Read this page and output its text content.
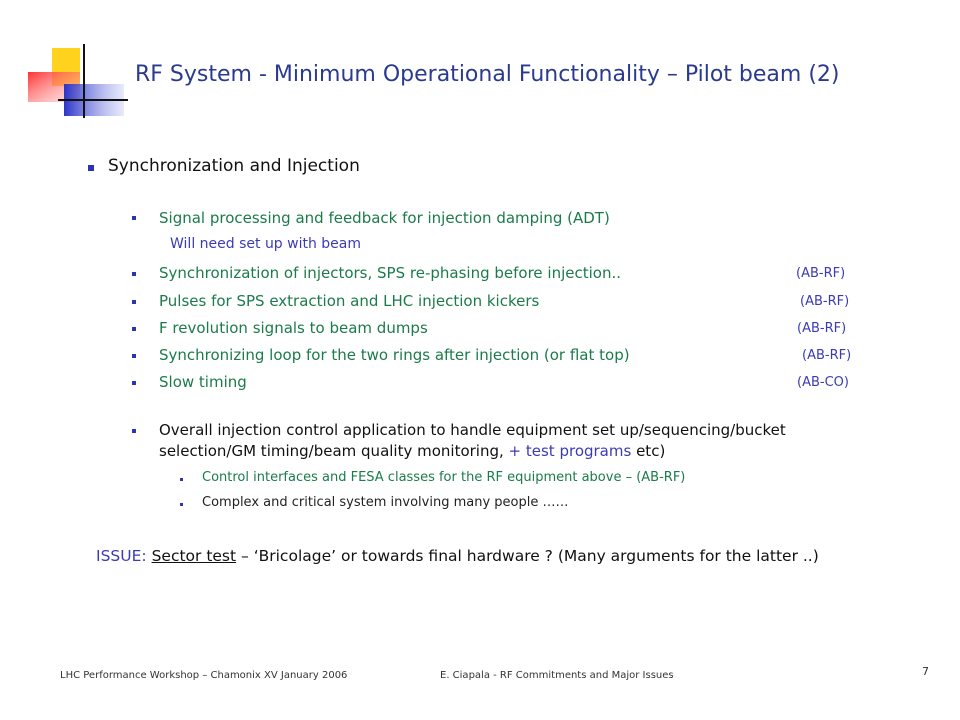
RF System - Minimum Operational Functionality – Pilot beam (2)
Synchronization and Injection
Signal processing and feedback for injection damping (ADT)
Will need set up with beam
Synchronization of injectors, SPS re-phasing before injection..	(AB-RF)
Pulses for SPS extraction and LHC injection kickers	(AB-RF)
F revolution signals to beam dumps	(AB-RF)
Synchronizing loop for the two rings after injection (or flat top)	(AB-RF)
Slow timing	(AB-CO)
Overall injection control application to handle equipment set up/sequencing/bucket
selection/GM timing/beam quality monitoring, + test programs etc)
Control interfaces and FESA classes for the RF equipment above – (AB-RF)
Complex and critical system involving many people ……
ISSUE: Sector test – ‘Bricolage’ or towards final hardware ? (Many arguments for the latter ..)
LHC Performance Workshop – Chamonix XV January 2006	E. Ciapala - RF Commitments and Major Issues	7
